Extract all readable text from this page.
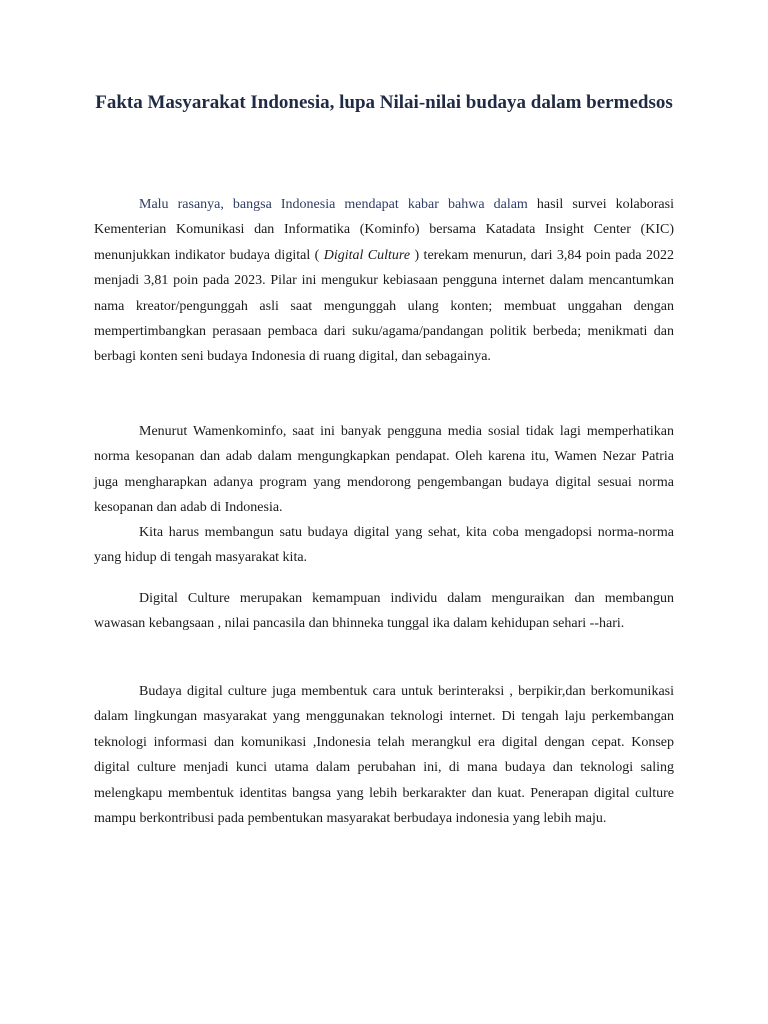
Fakta Masyarakat Indonesia, lupa Nilai-nilai budaya dalam bermedsos

Malu rasanya, bangsa Indonesia mendapat kabar bahwa dalam hasil survei kolaborasi Kementerian Komunikasi dan Informatika (Kominfo) bersama Katadata Insight Center (KIC) menunjukkan indikator budaya digital ( Digital Culture ) terekam menurun, dari 3,84 poin pada 2022 menjadi 3,81 poin pada 2023. Pilar ini mengukur kebiasaan pengguna internet dalam mencantumkan nama kreator/pengunggah asli saat mengunggah ulang konten; membuat unggahan dengan mempertimbangkan perasaan pembaca dari suku/agama/pandangan politik berbeda; menikmati dan berbagi konten seni budaya Indonesia di ruang digital, dan sebagainya.

Menurut Wamenkominfo, saat ini banyak pengguna media sosial tidak lagi memperhatikan norma kesopanan dan adab dalam mengungkapkan pendapat. Oleh karena itu, Wamen Nezar Patria juga mengharapkan adanya program yang mendorong pengembangan budaya digital sesuai norma kesopanan dan adab di Indonesia.

Kita harus membangun satu budaya digital yang sehat, kita coba mengadopsi norma-norma yang hidup di tengah masyarakat kita.

Digital Culture merupakan kemampuan individu dalam menguraikan dan membangun wawasan kebangsaan , nilai pancasila dan bhinneka tunggal ika dalam kehidupan sehari --hari.

Budaya digital culture juga membentuk cara untuk berinteraksi , berpikir,dan berkomunikasi dalam lingkungan masyarakat yang menggunakan teknologi internet. Di tengah laju perkembangan teknologi informasi dan komunikasi ,Indonesia telah merangkul era digital dengan cepat. Konsep digital culture menjadi kunci utama dalam perubahan ini, di mana budaya dan teknologi saling melengkapu membentuk identitas bangsa yang lebih berkarakter dan kuat. Penerapan digital culture mampu berkontribusi pada pembentukan masyarakat berbudaya indonesia yang lebih maju.
